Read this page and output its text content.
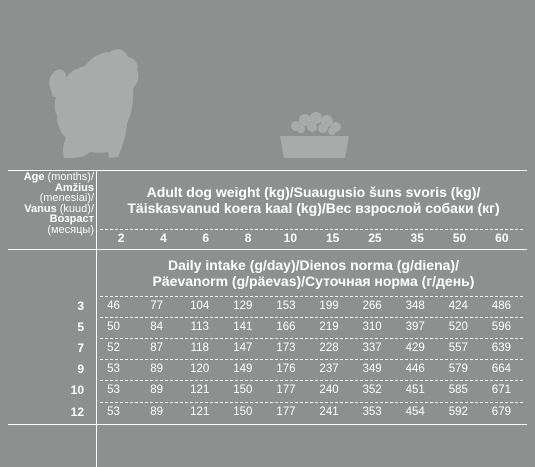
Age (months)/
Amžius
(menesiai)/
Vanus (kuud)/
Возраст
(месяцы)
Adult dog weight (kg)/Suaugusio šuns svoris (kg)/
Täiskasvanud koera kaal (kg)/Вес взрослой собаки (кг)
2	4	6	8	10	15	25	35	50	60
Daily intake (g/day)/Dienos norma (g/diena)/
Päevanorm (g/päevas)/Суточная норма (г/день)
3	46	77	104	129	153	199	266	348	424	486
5	50	84	113	141	166	219	310	397	520	596
7	52	87	118	147	173	228	337	429	557	639
9	53	89	120	149	176	237	349	446	579	664
10	53	89	121	150	177	240	352	451	585	671
12	53	89	121	150	177	241	353	454	592	679
